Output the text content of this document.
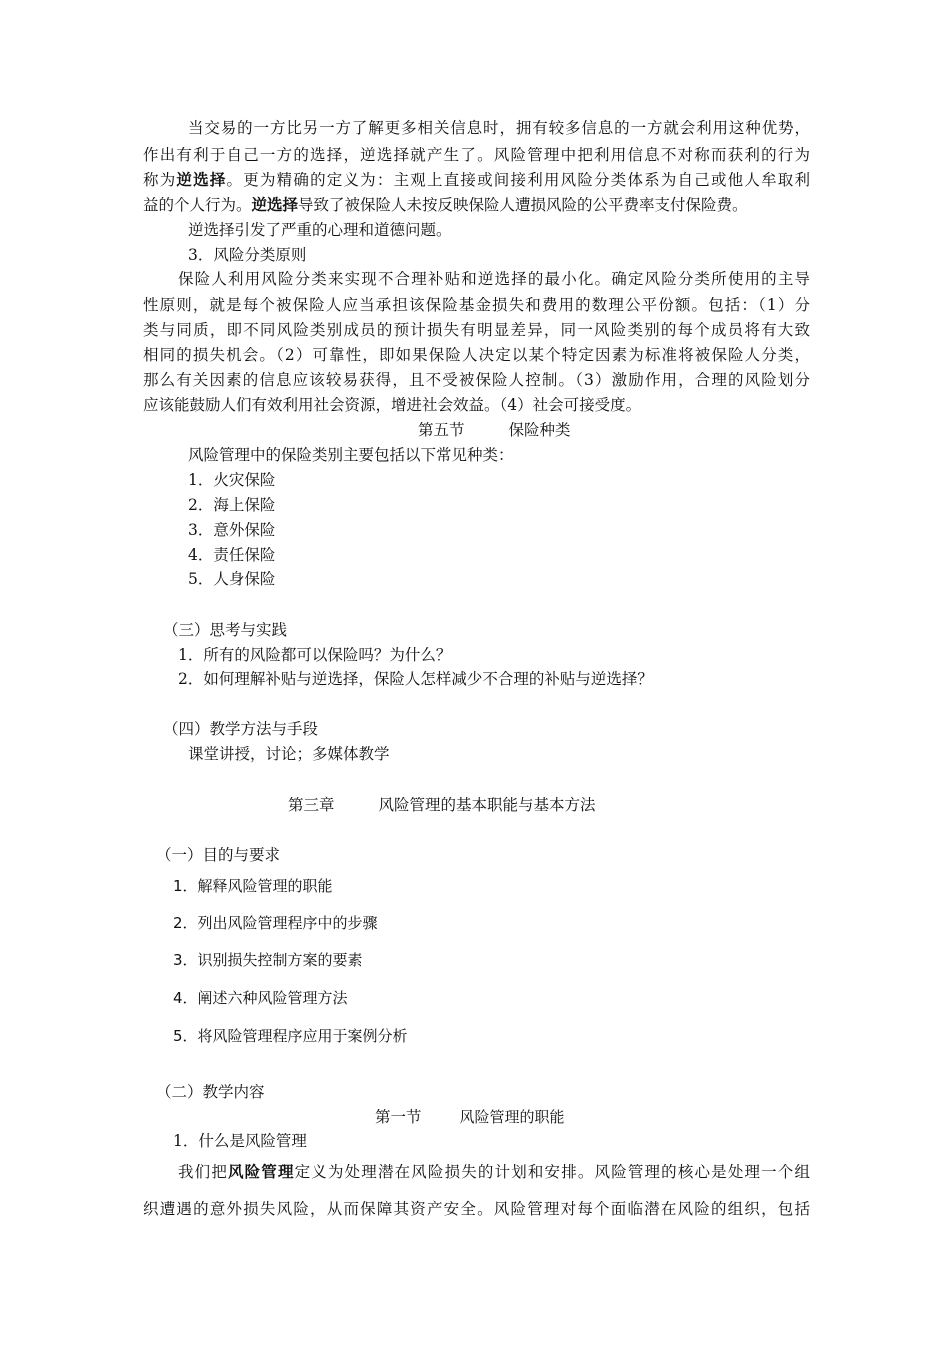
当交易的一方比另一方了解更多相关信息时，拥有较多信息的一方就会利用这种优势，
作出有利于自己一方的选择，逆选择就产生了。风险管理中把利用信息不对称而获利的行为
称为逆选择。更为精确的定义为：主观上直接或间接利用风险分类体系为自己或他人牟取利
益的个人行为。逆选择导致了被保险人未按反映保险人遭损风险的公平费率支付保险费。
逆选择引发了严重的心理和道德问题。
3．风险分类原则
保险人利用风险分类来实现不合理补贴和逆选择的最小化。确定风险分类所使用的主导
性原则，就是每个被保险人应当承担该保险基金损失和费用的数理公平份额。包括：（1）分
类与同质，即不同风险类别成员的预计损失有明显差异，同一风险类别的每个成员将有大致
相同的损失机会。（2）可靠性，即如果保险人决定以某个特定因素为标准将被保险人分类，
那么有关因素的信息应该较易获得，且不受被保险人控制。（3）激励作用，合理的风险划分
应该能鼓励人们有效利用社会资源，增进社会效益。（4）社会可接受度。
第五节	保险种类
风险管理中的保险类别主要包括以下常见种类：
1．火灾保险
2．海上保险
3．意外保险
4．责任保险
5．人身保险
（三）思考与实践
1．所有的风险都可以保险吗？为什么？
2．如何理解补贴与逆选择，保险人怎样减少不合理的补贴与逆选择？
（四）教学方法与手段
课堂讲授，讨论；多媒体教学
第三章	风险管理的基本职能与基本方法
（一）目的与要求
1．解释风险管理的职能
2．列出风险管理程序中的步骤
3．识别损失控制方案的要素
4．阐述六种风险管理方法
5．将风险管理程序应用于案例分析
（二）教学内容
第一节	风险管理的职能
1．什么是风险管理
我们把风险管理定义为处理潜在风险损失的计划和安排。风险管理的核心是处理一个组
织遭遇的意外损失风险，从而保障其资产安全。风险管理对每个面临潜在风险的组织，包括
